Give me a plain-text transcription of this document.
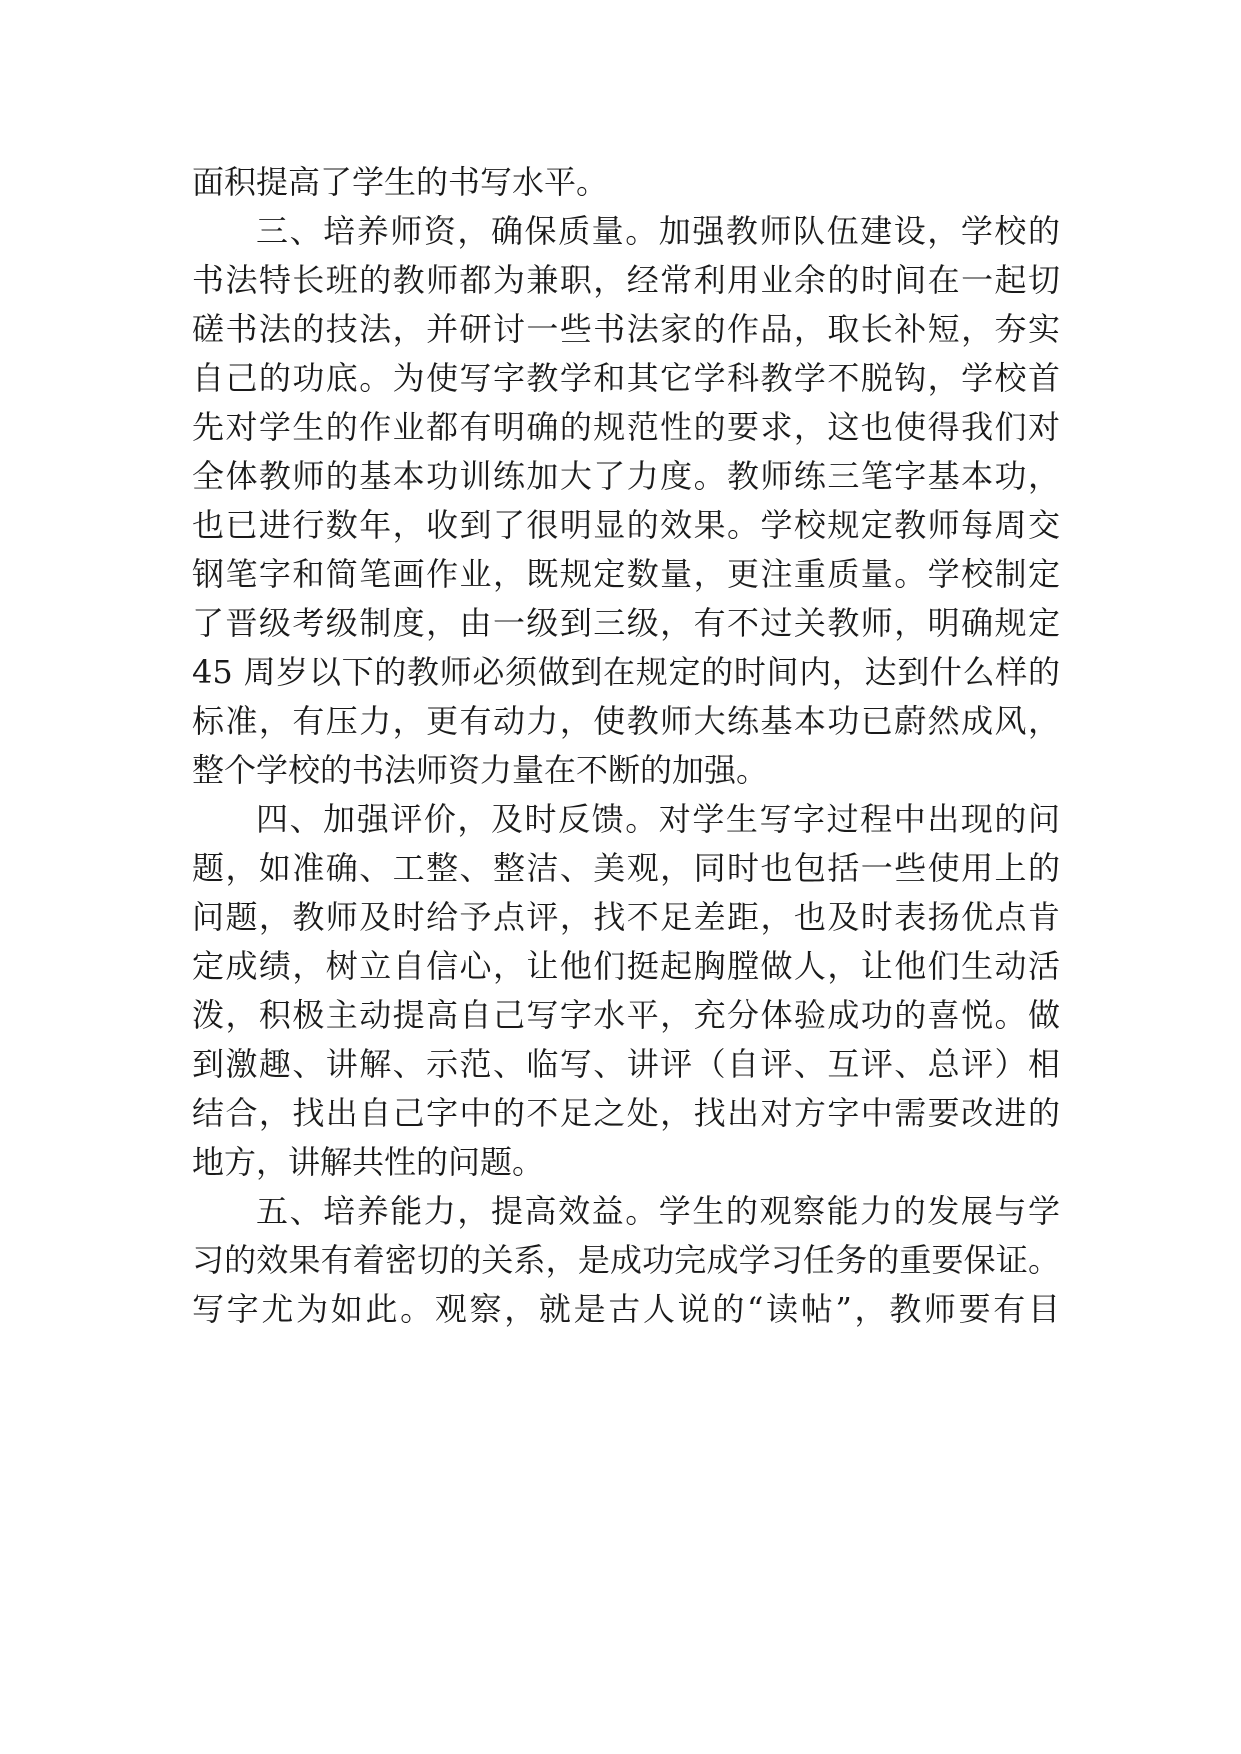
面积提高了学生的书写水平。
三、培养师资，确保质量。加强教师队伍建设，学校的
书法特长班的教师都为兼职，经常利用业余的时间在一起切
磋书法的技法，并研讨一些书法家的作品，取长补短，夯实
自己的功底。为使写字教学和其它学科教学不脱钩，学校首
先对学生的作业都有明确的规范性的要求，这也使得我们对
全体教师的基本功训练加大了力度。教师练三笔字基本功，
也已进行数年，收到了很明显的效果。学校规定教师每周交
钢笔字和简笔画作业，既规定数量，更注重质量。学校制定
了晋级考级制度，由一级到三级，有不过关教师，明确规定
45 周岁以下的教师必须做到在规定的时间内，达到什么样的
标准，有压力，更有动力，使教师大练基本功已蔚然成风，
整个学校的书法师资力量在不断的加强。
四、加强评价，及时反馈。对学生写字过程中出现的问
题，如准确、工整、整洁、美观，同时也包括一些使用上的
问题，教师及时给予点评，找不足差距，也及时表扬优点肯
定成绩，树立自信心，让他们挺起胸膛做人，让他们生动活
泼，积极主动提高自己写字水平，充分体验成功的喜悦。做
到激趣、讲解、示范、临写、讲评（自评、互评、总评）相
结合，找出自己字中的不足之处，找出对方字中需要改进的
地方，讲解共性的问题。
五、培养能力，提高效益。学生的观察能力的发展与学
习的效果有着密切的关系，是成功完成学习任务的重要保证。
写字尤为如此。观察，就是古人说的“读帖”，教师要有目
